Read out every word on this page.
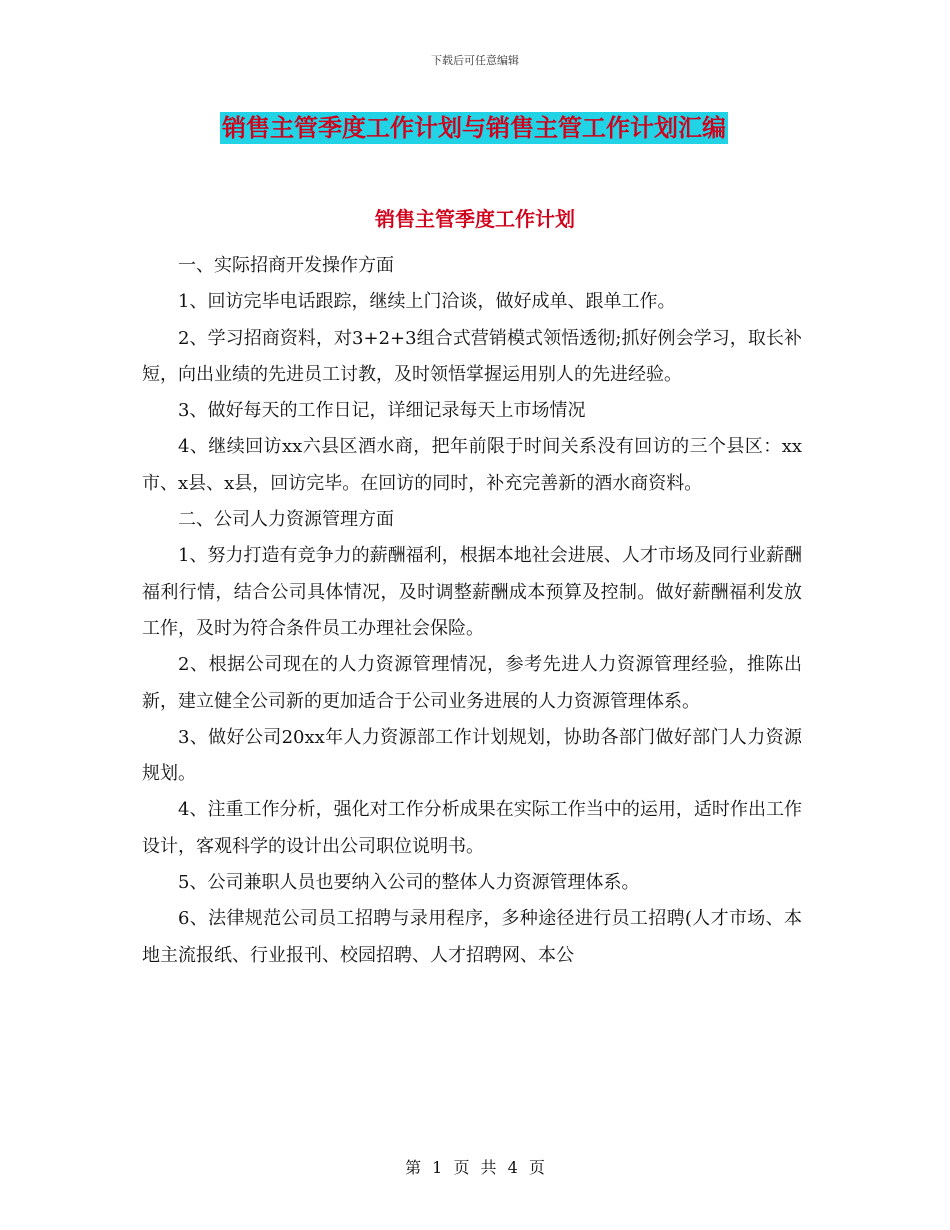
下载后可任意编辑
销售主管季度工作计划与销售主管工作计划汇编
销售主管季度工作计划

一、实际招商开发操作方面

1、回访完毕电话跟踪，继续上门洽谈，做好成单、跟单工作。

2、学习招商资料，对3+2+3组合式营销模式领悟透彻;抓好例会学习，取长补短，向出业绩的先进员工讨教，及时领悟掌握运用别人的先进经验。

3、做好每天的工作日记，详细记录每天上市场情况

4、继续回访xx六县区酒水商，把年前限于时间关系没有回访的三个县区：xx市、x县、x县，回访完毕。在回访的同时，补充完善新的酒水商资料。

二、公司人力资源管理方面

1、努力打造有竞争力的薪酬福利，根据本地社会进展、人才市场及同行业薪酬福利行情，结合公司具体情况，及时调整薪酬成本预算及控制。做好薪酬福利发放工作，及时为符合条件员工办理社会保险。

2、根据公司现在的人力资源管理情况，参考先进人力资源管理经验，推陈出新，建立健全公司新的更加适合于公司业务进展的人力资源管理体系。

3、做好公司20xx年人力资源部工作计划规划，协助各部门做好部门人力资源规划。

4、注重工作分析，强化对工作分析成果在实际工作当中的运用，适时作出工作设计，客观科学的设计出公司职位说明书。

5、公司兼职人员也要纳入公司的整体人力资源管理体系。

6、法律规范公司员工招聘与录用程序，多种途径进行员工招聘(人才市场、本地主流报纸、行业报刊、校园招聘、人才招聘网、本公

第 1 页 共 4 页
